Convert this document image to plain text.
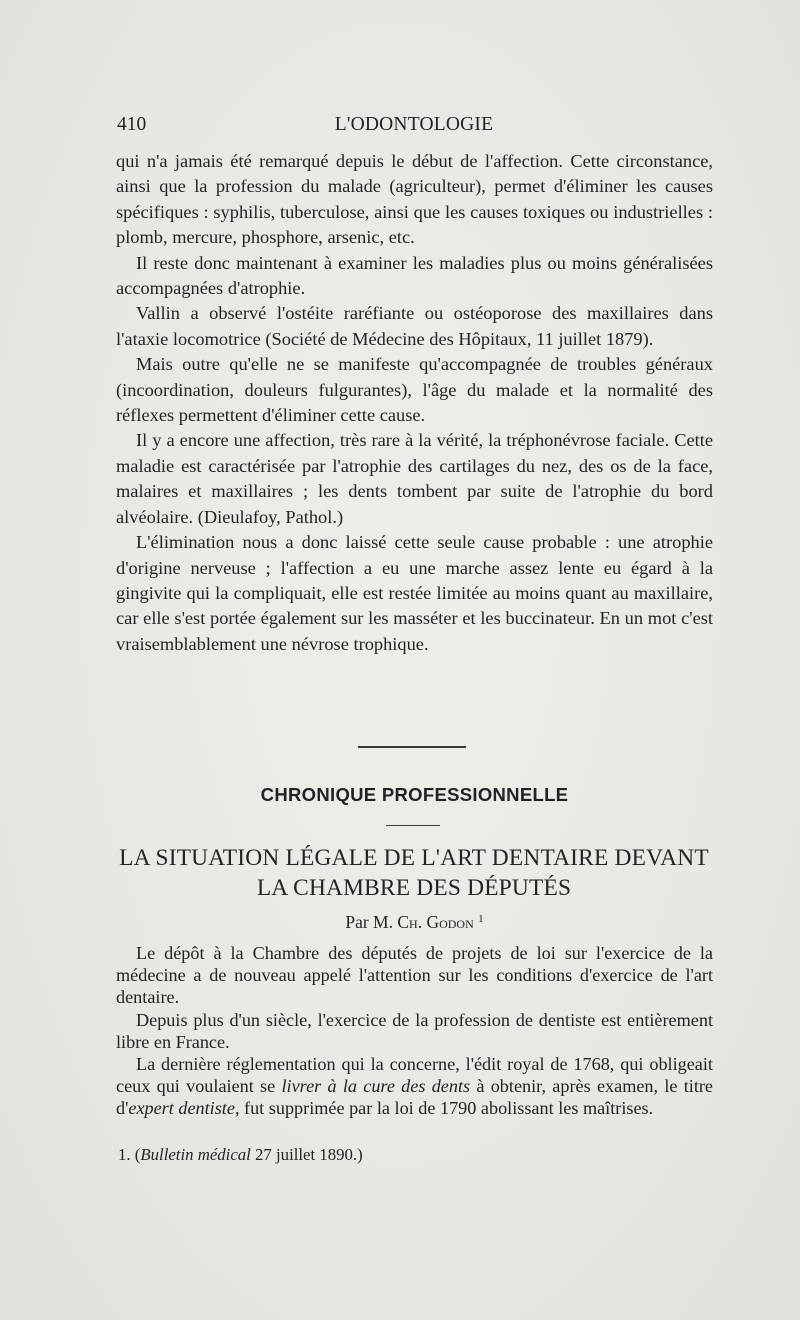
410	L'ODONTOLOGIE

qui n'a jamais été remarqué depuis le début de l'affection. Cette circonstance, ainsi que la profession du malade (agriculteur), permet d'éliminer les causes spécifiques : syphilis, tuberculose, ainsi que les causes toxiques ou industrielles : plomb, mercure, phosphore, arsenic, etc.

Il reste donc maintenant à examiner les maladies plus ou moins généralisées accompagnées d'atrophie.

Vallin a observé l'ostéite raréfiante ou ostéoporose des maxillaires dans l'ataxie locomotrice (Société de Médecine des Hôpitaux, 11 juillet 1879).

Mais outre qu'elle ne se manifeste qu'accompagnée de troubles généraux (incoordination, douleurs fulgurantes), l'âge du malade et la normalité des réflexes permettent d'éliminer cette cause.

Il y a encore une affection, très rare à la vérité, la tréphonévrose faciale. Cette maladie est caractérisée par l'atrophie des cartilages du nez, des os de la face, malaires et maxillaires ; les dents tombent par suite de l'atrophie du bord alvéolaire. (Dieulafoy, Pathol.)

L'élimination nous a donc laissé cette seule cause probable : une atrophie d'origine nerveuse ; l'affection a eu une marche assez lente eu égard à la gingivite qui la compliquait, elle est restée limitée au moins quant au maxillaire, car elle s'est portée également sur les masséter et les buccinateur. En un mot c'est vraisemblablement une névrose trophique.

CHRONIQUE PROFESSIONNELLE
LA SITUATION LÉGALE DE L'ART DENTAIRE DEVANT
LA CHAMBRE DES DÉPUTÉS
Par M. Ch. Godon $^1$

Le dépôt à la Chambre des députés de projets de loi sur l'exercice de la médecine a de nouveau appelé l'attention sur les conditions d'exercice de l'art dentaire.

Depuis plus d'un siècle, l'exercice de la profession de dentiste est entièrement libre en France.

La dernière réglementation qui la concerne, l'édit royal de 1768, qui obligeait ceux qui voulaient se livrer à la cure des dents à obtenir, après examen, le titre d'expert dentiste, fut supprimée par la loi de 1790 abolissant les maîtrises.

1. (Bulletin médical 27 juillet 1890.)
